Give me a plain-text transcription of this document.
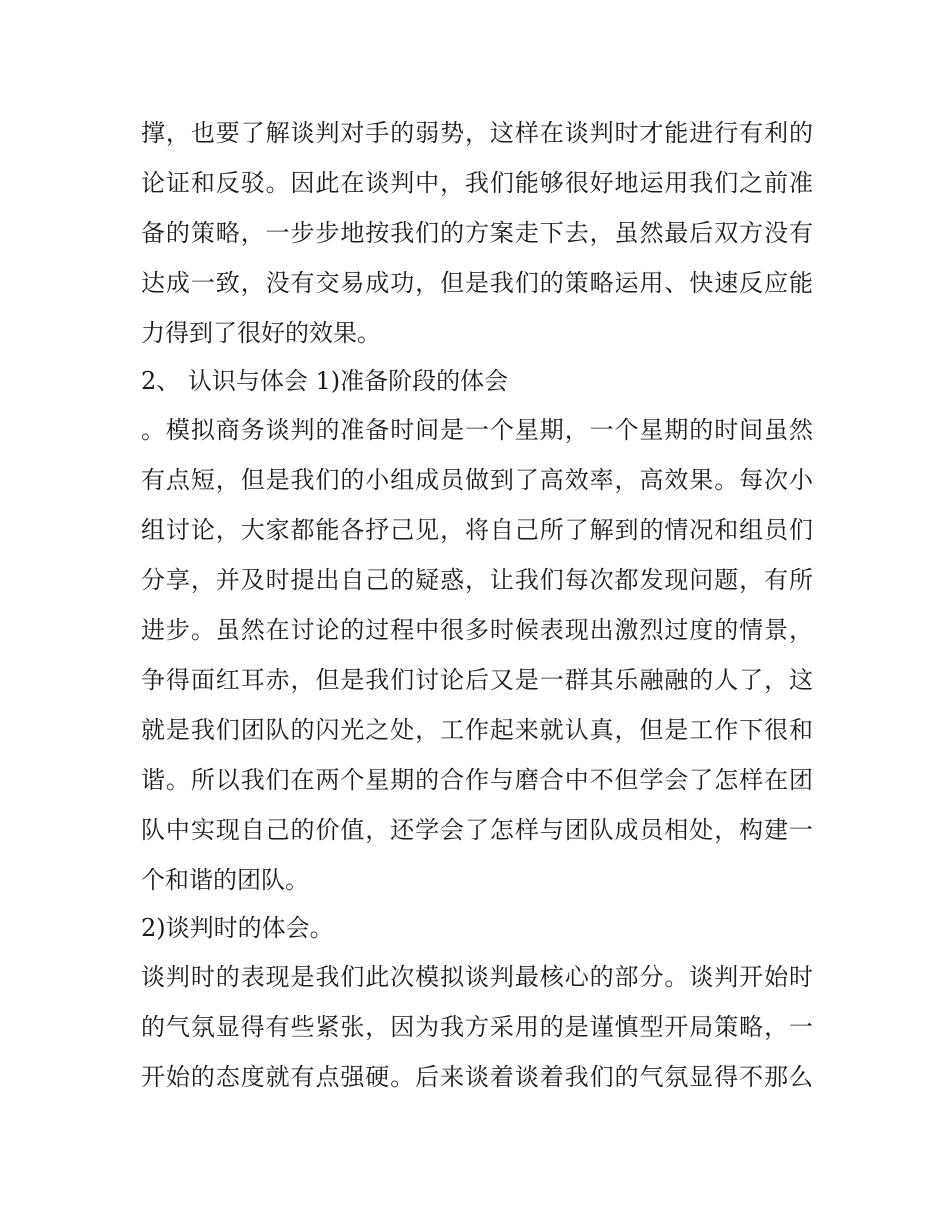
撑，也要了解谈判对手的弱势，这样在谈判时才能进行有利的
论证和反驳。因此在谈判中，我们能够很好地运用我们之前准
备的策略，一步步地按我们的方案走下去，虽然最后双方没有
达成一致，没有交易成功，但是我们的策略运用、快速反应能
力得到了很好的效果。
2、 认识与体会 1)准备阶段的体会
。模拟商务谈判的准备时间是一个星期，一个星期的时间虽然
有点短，但是我们的小组成员做到了高效率，高效果。每次小
组讨论，大家都能各抒己见，将自己所了解到的情况和组员们
分享，并及时提出自己的疑惑，让我们每次都发现问题，有所
进步。虽然在讨论的过程中很多时候表现出激烈过度的情景，
争得面红耳赤，但是我们讨论后又是一群其乐融融的人了，这
就是我们团队的闪光之处，工作起来就认真，但是工作下很和
谐。所以我们在两个星期的合作与磨合中不但学会了怎样在团
队中实现自己的价值，还学会了怎样与团队成员相处，构建一
个和谐的团队。
2)谈判时的体会。
谈判时的表现是我们此次模拟谈判最核心的部分。谈判开始时
的气氛显得有些紧张，因为我方采用的是谨慎型开局策略，一
开始的态度就有点强硬。后来谈着谈着我们的气氛显得不那么
